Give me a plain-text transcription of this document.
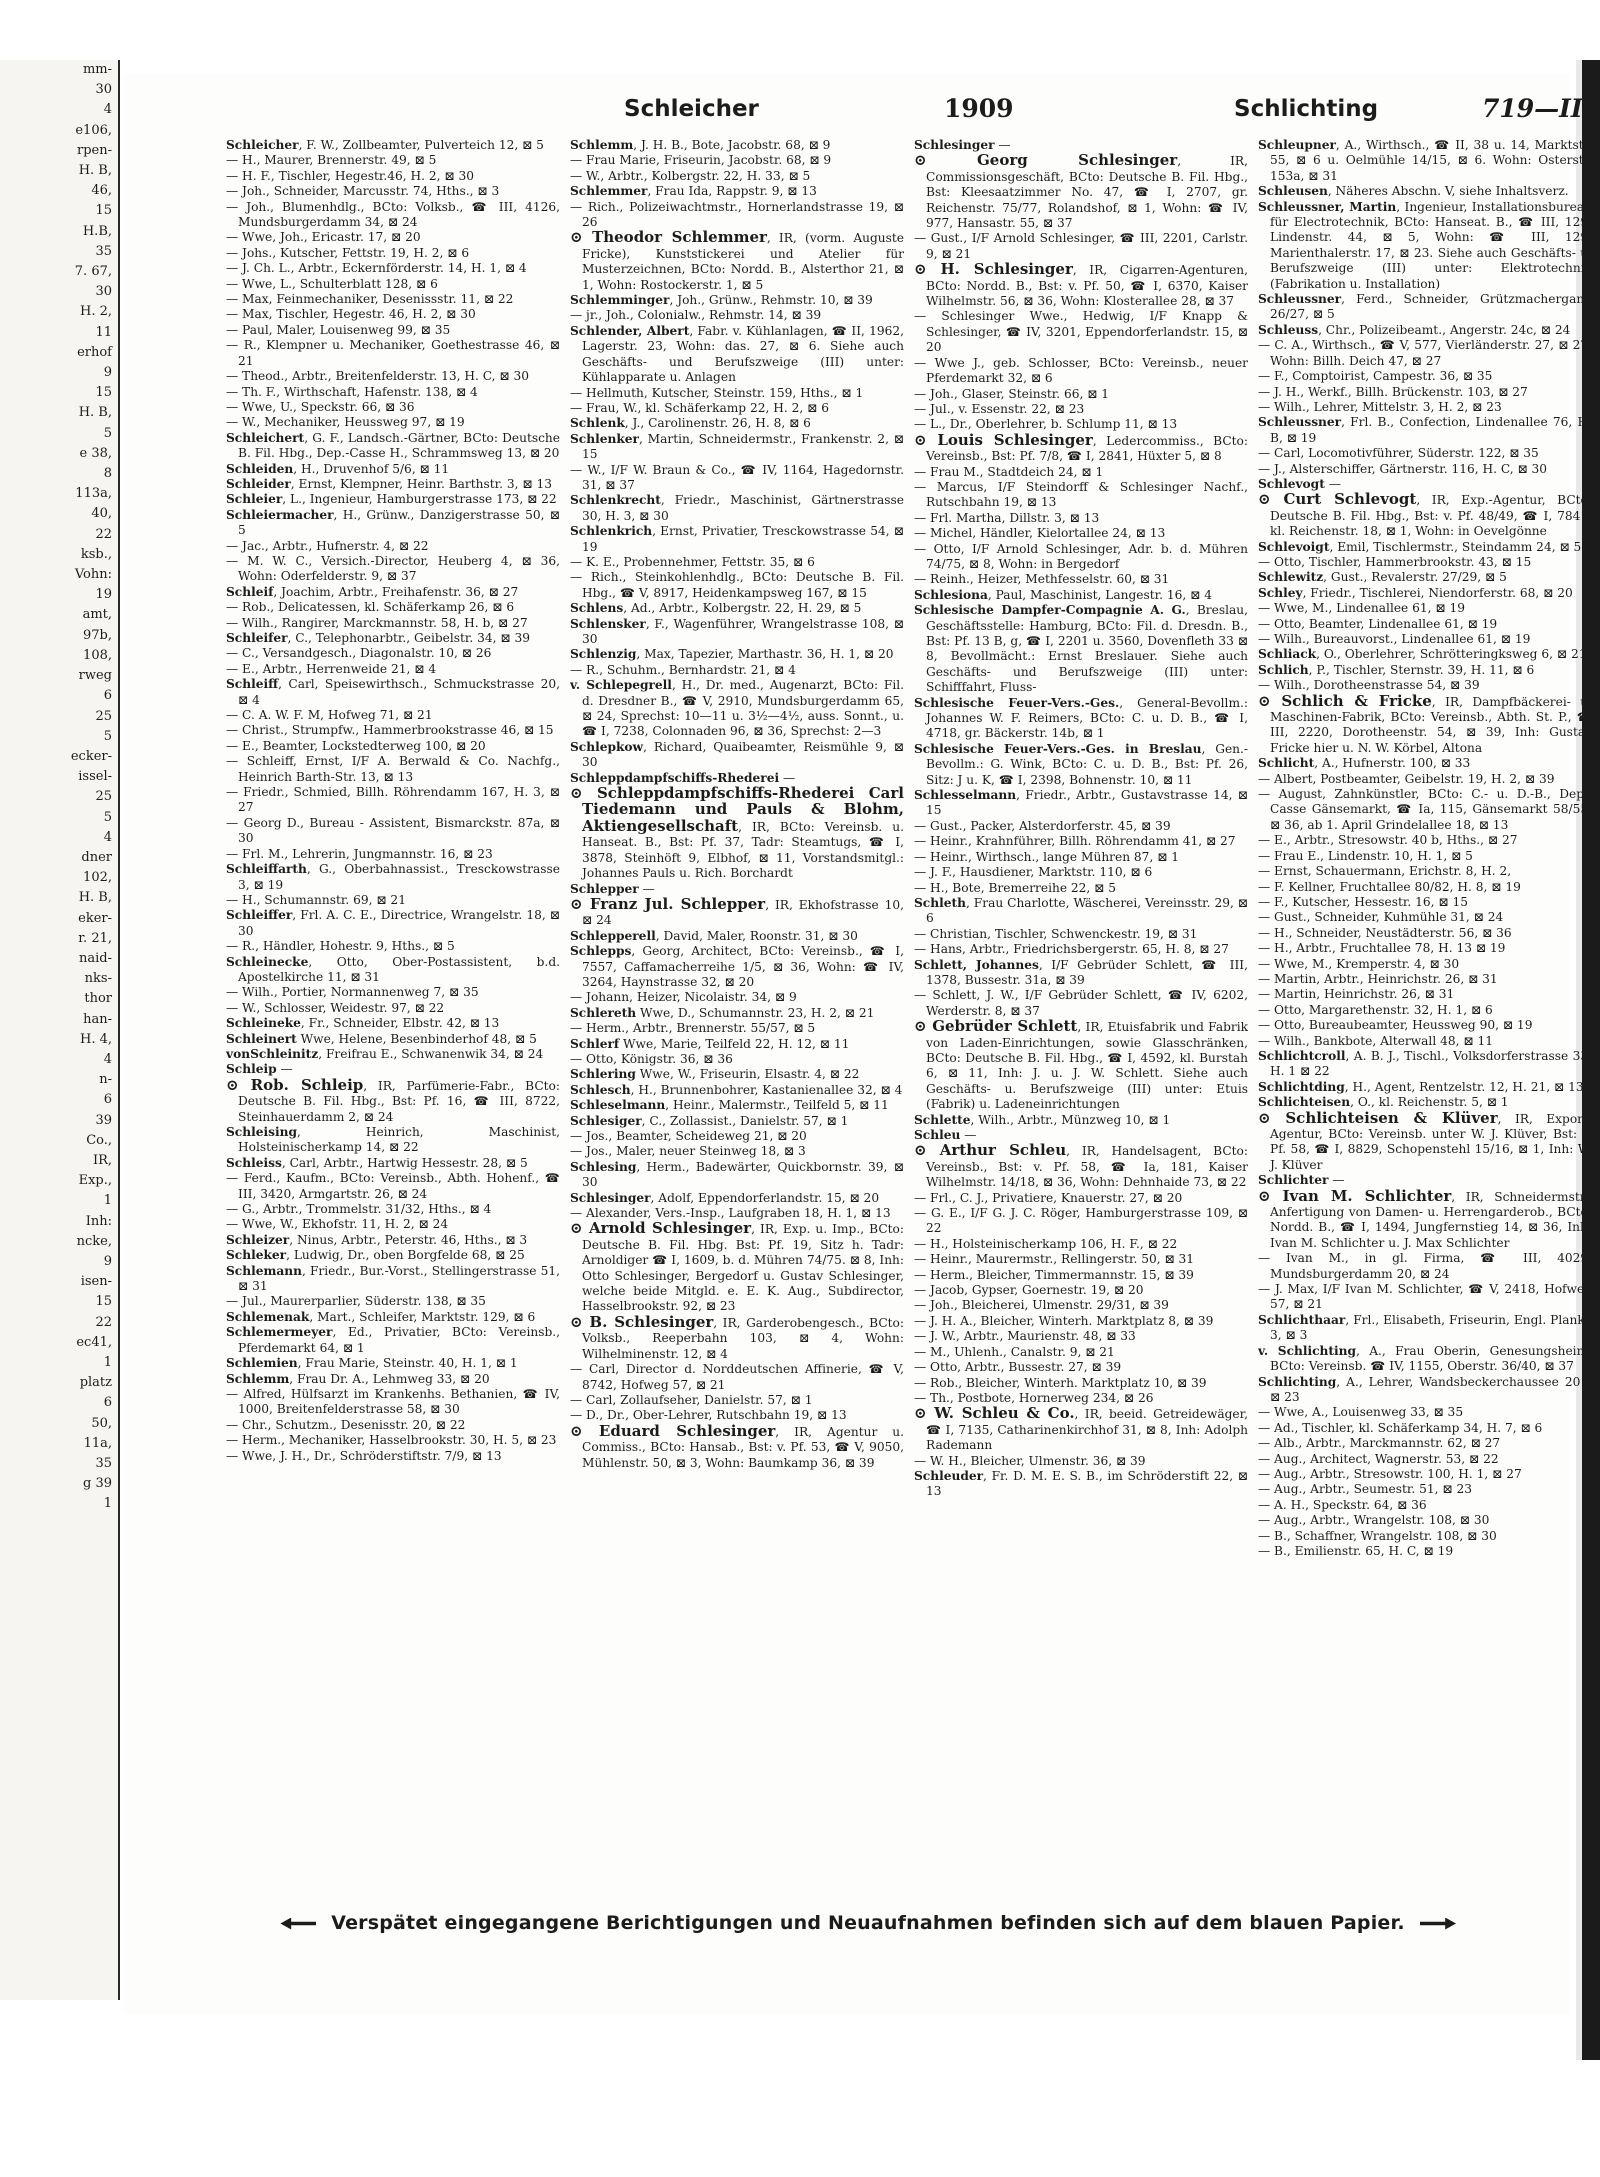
mm-
30
4
e106,
rpen-
H. B,
46,
15
H.B,
35
7. 67,
30
H. 2,
11
erhof
9
15
H. B,
5
e 38,
8
113a,
40,
22
ksb.,
Vohn:
19
amt,
97b,
108,
rweg
6
25
5
ecker-
issel-
25
5
4
dner
102,
H. B,
eker-
r. 21,
naid-
nks-
thor
han-
H. 4,
4
n-
6
39
Co.,
IR,
Exp.,
1
Inh:
ncke,
9
isen-
15
22
ec41,
1
platz
6
50,
11a,
35
g 39
1
Schleicher	1909	Schlichting	719—II
Schleicher, F. W., Zollbeamter, Pulverteich 12, ⊠ 5
— H., Maurer, Brennerstr. 49, ⊠ 5
— H. F., Tischler, Hegestr.46, H. 2, ⊠ 30
— Joh., Schneider, Marcusstr. 74, Hths., ⊠ 3
— Joh., Blumenhdlg., BCto: Volksb., ☎ III, 4126, Mundsburgerdamm 34, ⊠ 24
— Wwe, Joh., Ericastr. 17, ⊠ 20
— Johs., Kutscher, Fettstr. 19, H. 2, ⊠ 6
— J. Ch. L., Arbtr., Eckernförderstr. 14, H. 1, ⊠ 4
— Wwe, L., Schulterblatt 128, ⊠ 6
— Max, Feinmechaniker, Desenissstr. 11, ⊠ 22
— Max, Tischler, Hegestr. 46, H. 2, ⊠ 30
— Paul, Maler, Louisenweg 99, ⊠ 35
— R., Klempner u. Mechaniker, Goethestrasse 46, ⊠ 21
— Theod., Arbtr., Breitenfelderstr. 13, H. C, ⊠ 30
— Th. F., Wirthschaft, Hafenstr. 138, ⊠ 4
— Wwe, U., Speckstr. 66, ⊠ 36
— W., Mechaniker, Heussweg 97, ⊠ 19
Schleichert, G. F., Landsch.-Gärtner, BCto: Deutsche B. Fil. Hbg., Dep.-Casse H., Schrammsweg 13, ⊠ 20
Schleiden, H., Druvenhof 5/6, ⊠ 11
Schleider, Ernst, Klempner, Heinr. Barthstr. 3, ⊠ 13
Schleier, L., Ingenieur, Hamburgerstrasse 173, ⊠ 22
Schleiermacher, H., Grünw., Danzigerstrasse 50, ⊠ 5
— Jac., Arbtr., Hufnerstr. 4, ⊠ 22
— M. W. C., Versich.-Director, Heuberg 4, ⊠ 36, Wohn: Oderfelderstr. 9, ⊠ 37
Schleif, Joachim, Arbtr., Freihafenstr. 36, ⊠ 27
— Rob., Delicatessen, kl. Schäferkamp 26, ⊠ 6
— Wilh., Rangirer, Marckmannstr. 58, H. b, ⊠ 27
Schleifer, C., Telephonarbtr., Geibelstr. 34, ⊠ 39
— C., Versandgesch., Diagonalstr. 10, ⊠ 26
— E., Arbtr., Herrenweide 21, ⊠ 4
Schleiff, Carl, Speisewirthsch., Schmuckstrasse 20, ⊠ 4
— C. A. W. F. M, Hofweg 71, ⊠ 21
— Christ., Strumpfw., Hammerbrookstrasse 46, ⊠ 15
— E., Beamter, Lockstedterweg 100, ⊠ 20
— Schleiff, Ernst, I/F A. Berwald & Co. Nachfg., Heinrich Barth-Str. 13, ⊠ 13
— Friedr., Schmied, Billh. Röhrendamm 167, H. 3, ⊠ 27
— Georg D., Bureau - Assistent, Bismarckstr. 87a, ⊠ 30
— Frl. M., Lehrerin, Jungmannstr. 16, ⊠ 23
Schleiffarth, G., Oberbahnassist., Tresckowstrasse 3, ⊠ 19
— H., Schumannstr. 69, ⊠ 21
Schleiffer, Frl. A. C. E., Directrice, Wrangelstr. 18, ⊠ 30
— R., Händler, Hohestr. 9, Hths., ⊠ 5
Schleinecke, Otto, Ober-Postassistent, b.d. Apostelkirche 11, ⊠ 31
— Wilh., Portier, Normannenweg 7, ⊠ 35
— W., Schlosser, Weidestr. 97, ⊠ 22
Schleineke, Fr., Schneider, Elbstr. 42, ⊠ 13
Schleinert Wwe, Helene, Besenbinderhof 48, ⊠ 5
vonSchleinitz, Freifrau E., Schwanenwik 34, ⊠ 24
Schleip —
⊙ Rob. Schleip, IR, Parfümerie-Fabr., BCto: Deutsche B. Fil. Hbg., Bst: Pf. 16, ☎ III, 8722, Steinhauerdamm 2, ⊠ 24
Schleising, Heinrich, Maschinist, Holsteinischerkamp 14, ⊠ 22
Schleiss, Carl, Arbtr., Hartwig Hessestr. 28, ⊠ 5
— Ferd., Kaufm., BCto: Vereinsb., Abth. Hohenf., ☎ III, 3420, Armgartstr. 26, ⊠ 24
— G., Arbtr., Trommelstr. 31/32, Hths., ⊠ 4
— Wwe, W., Ekhofstr. 11, H. 2, ⊠ 24
Schleizer, Ninus, Arbtr., Peterstr. 46, Hths., ⊠ 3
Schleker, Ludwig, Dr., oben Borgfelde 68, ⊠ 25
Schlemann, Friedr., Bur.-Vorst., Stellingerstrasse 51, ⊠ 31
— Jul., Maurerparlier, Süderstr. 138, ⊠ 35
Schlemenak, Mart., Schleifer, Marktstr. 129, ⊠ 6
Schlemermeyer, Ed., Privatier, BCto: Vereinsb., Pferdemarkt 64, ⊠ 1
Schlemien, Frau Marie, Steinstr. 40, H. 1, ⊠ 1
Schlemm, Frau Dr. A., Lehmweg 33, ⊠ 20
— Alfred, Hülfsarzt im Krankenhs. Bethanien, ☎ IV, 1000, Breitenfelderstrasse 58, ⊠ 30
— Chr., Schutzm., Desenisstr. 20, ⊠ 22
— Herm., Mechaniker, Hasselbrookstr. 30, H. 5, ⊠ 23
— Wwe, J. H., Dr., Schröderstiftstr. 7/9, ⊠ 13
Schlemm, J. H. B., Bote, Jacobstr. 68, ⊠ 9
— Frau Marie, Friseurin, Jacobstr. 68, ⊠ 9
— W., Arbtr., Kolbergstr. 22, H. 33, ⊠ 5
Schlemmer, Frau Ida, Rappstr. 9, ⊠ 13
— Rich., Polizeiwachtmstr., Hornerlandstrasse 19, ⊠ 26
⊙ Theodor Schlemmer, IR, (vorm. Auguste Fricke), Kunststickerei und Atelier für Musterzeichnen, BCto: Nordd. B., Alsterthor 21, ⊠ 1, Wohn: Rostockerstr. 1, ⊠ 5
Schlemminger, Joh., Grünw., Rehmstr. 10, ⊠ 39
— jr., Joh., Colonialw., Rehmstr. 14, ⊠ 39
Schlender, Albert, Fabr. v. Kühlanlagen, ☎ II, 1962, Lagerstr. 23, Wohn: das. 27, ⊠ 6. Siehe auch Geschäfts- und Berufszweige (III) unter: Kühlapparate u. Anlagen
— Hellmuth, Kutscher, Steinstr. 159, Hths., ⊠ 1
— Frau, W., kl. Schäferkamp 22, H. 2, ⊠ 6
Schlenk, J., Carolinenstr. 26, H. 8, ⊠ 6
Schlenker, Martin, Schneidermstr., Frankenstr. 2, ⊠ 15
— W., I/F W. Braun & Co., ☎ IV, 1164, Hagedornstr. 31, ⊠ 37
Schlenkrecht, Friedr., Maschinist, Gärtnerstrasse 30, H. 3, ⊠ 30
Schlenkrich, Ernst, Privatier, Tresckowstrasse 54, ⊠ 19
— K. E., Probennehmer, Fettstr. 35, ⊠ 6
— Rich., Steinkohlenhdlg., BCto: Deutsche B. Fil. Hbg., ☎ V, 8917, Heidenkampsweg 167, ⊠ 15
Schlens, Ad., Arbtr., Kolbergstr. 22, H. 29, ⊠ 5
Schlensker, F., Wagenführer, Wrangelstrasse 108, ⊠ 30
Schlenzig, Max, Tapezier, Marthastr. 36, H. 1, ⊠ 20
— R., Schuhm., Bernhardstr. 21, ⊠ 4
v. Schlepegrell, H., Dr. med., Augenarzt, BCto: Fil. d. Dresdner B., ☎ V, 2910, Mundsburgerdamm 65, ⊠ 24, Sprechst: 10—11 u. 3½—4½, auss. Sonnt., u. ☎ I, 7238, Colonnaden 96, ⊠ 36, Sprechst: 2—3
Schlepkow, Richard, Quaibeamter, Reismühle 9, ⊠ 30
Schleppdampfschiffs-Rhederei —
⊙ Schleppdampfschiffs-Rhederei Carl Tiedemann und Pauls & Blohm, Aktiengesellschaft, IR, BCto: Vereinsb. u. Hanseat. B., Bst: Pf. 37, Tadr: Steamtugs, ☎ I, 3878, Steinhöft 9, Elbhof, ⊠ 11, Vorstandsmitgl.: Johannes Pauls u. Rich. Borchardt
Schlepper —
⊙ Franz Jul. Schlepper, IR, Ekhofstrasse 10, ⊠ 24
Schlepperell, David, Maler, Roonstr. 31, ⊠ 30
Schlepps, Georg, Architect, BCto: Vereinsb., ☎ I, 7557, Caffamacherreihe 1/5, ⊠ 36, Wohn: ☎ IV, 3264, Haynstrasse 32, ⊠ 20
— Johann, Heizer, Nicolaistr. 34, ⊠ 9
Schlereth Wwe, D., Schumannstr. 23, H. 2, ⊠ 21
— Herm., Arbtr., Brennerstr. 55/57, ⊠ 5
Schlerf Wwe, Marie, Teilfeld 22, H. 12, ⊠ 11
— Otto, Königstr. 36, ⊠ 36
Schlering Wwe, W., Friseurin, Elsastr. 4, ⊠ 22
Schlesch, H., Brunnenbohrer, Kastanienallee 32, ⊠ 4
Schleselmann, Heinr., Malermstr., Teilfeld 5, ⊠ 11
Schlesiger, C., Zollassist., Danielstr. 57, ⊠ 1
— Jos., Beamter, Scheideweg 21, ⊠ 20
— Jos., Maler, neuer Steinweg 18, ⊠ 3
Schlesing, Herm., Badewärter, Quickbornstr. 39, ⊠ 30
Schlesinger, Adolf, Eppendorferlandstr. 15, ⊠ 20
— Alexander, Vers.-Insp., Laufgraben 18, H. 1, ⊠ 13
⊙ Arnold Schlesinger, IR, Exp. u. Imp., BCto: Deutsche B. Fil. Hbg. Bst: Pf. 19, Sitz h. Tadr: Arnoldiger ☎ I, 1609, b. d. Mühren 74/75. ⊠ 8, Inh: Otto Schlesinger, Bergedorf u. Gustav Schlesinger, welche beide Mitgld. e. E. K. Aug., Subdirector, Hasselbrookstr. 92, ⊠ 23
⊙ B. Schlesinger, IR, Garderobengesch., BCto: Volksb., Reeperbahn 103, ⊠ 4, Wohn: Wilhelminenstr. 12, ⊠ 4
— Carl, Director d. Norddeutschen Affinerie, ☎ V, 8742, Hofweg 57, ⊠ 21
— Carl, Zollaufseher, Danielstr. 57, ⊠ 1
— D., Dr., Ober-Lehrer, Rutschbahn 19, ⊠ 13
⊙ Eduard Schlesinger, IR, Agentur u. Commiss., BCto: Hansab., Bst: v. Pf. 53, ☎ V, 9050, Mühlenstr. 50, ⊠ 3, Wohn: Baumkamp 36, ⊠ 39
Schlesinger —
⊙ Georg Schlesinger, IR, Commissionsgeschäft, BCto: Deutsche B. Fil. Hbg., Bst: Kleesaatzimmer No. 47, ☎ I, 2707, gr. Reichenstr. 75/77, Rolandshof, ⊠ 1, Wohn: ☎ IV, 977, Hansastr. 55, ⊠ 37
— Gust., I/F Arnold Schlesinger, ☎ III, 2201, Carlstr. 9, ⊠ 21
⊙ H. Schlesinger, IR, Cigarren-Agenturen, BCto: Nordd. B., Bst: v. Pf. 50, ☎ I, 6370, Kaiser Wilhelmstr. 56, ⊠ 36, Wohn: Klosterallee 28, ⊠ 37
— Schlesinger Wwe., Hedwig, I/F Knapp & Schlesinger, ☎ IV, 3201, Eppendorferlandstr. 15, ⊠ 20
— Wwe J., geb. Schlosser, BCto: Vereinsb., neuer Pferdemarkt 32, ⊠ 6
— Joh., Glaser, Steinstr. 66, ⊠ 1
— Jul., v. Essenstr. 22, ⊠ 23
— L., Dr., Oberlehrer, b. Schlump 11, ⊠ 13
⊙ Louis Schlesinger, Ledercommiss., BCto: Vereinsb., Bst: Pf. 7/8, ☎ I, 2841, Hüxter 5, ⊠ 8
— Frau M., Stadtdeich 24, ⊠ 1
— Marcus, I/F Steindorff & Schlesinger Nachf., Rutschbahn 19, ⊠ 13
— Frl. Martha, Dillstr. 3, ⊠ 13
— Michel, Händler, Kielortallee 24, ⊠ 13
— Otto, I/F Arnold Schlesinger, Adr. b. d. Mühren 74/75, ⊠ 8, Wohn: in Bergedorf
— Reinh., Heizer, Methfesselstr. 60, ⊠ 31
Schlesiona, Paul, Maschinist, Langestr. 16, ⊠ 4
Schlesische Dampfer-Compagnie A. G., Breslau, Geschäftsstelle: Hamburg, BCto: Fil. d. Dresdn. B., Bst: Pf. 13 B, g, ☎ I, 2201 u. 3560, Dovenfleth 33 ⊠ 8, Bevollmächt.: Ernst Breslauer. Siehe auch Geschäfts- und Berufszweige (III) unter: Schifffahrt, Fluss-
Schlesische Feuer-Vers.-Ges., General-Bevollm.: Johannes W. F. Reimers, BCto: C. u. D. B., ☎ I, 4718, gr. Bäckerstr. 14b, ⊠ 1
Schlesische Feuer-Vers.-Ges. in Breslau, Gen.-Bevollm.: G. Wink, BCto: C. u. D. B., Bst: Pf. 26, Sitz: J u. K, ☎ I, 2398, Bohnenstr. 10, ⊠ 11
Schlesselmann, Friedr., Arbtr., Gustavstrasse 14, ⊠ 15
— Gust., Packer, Alsterdorferstr. 45, ⊠ 39
— Heinr., Krahnführer, Billh. Röhrendamm 41, ⊠ 27
— Heinr., Wirthsch., lange Mühren 87, ⊠ 1
— J. F., Hausdiener, Marktstr. 110, ⊠ 6
— H., Bote, Bremerreihe 22, ⊠ 5
Schleth, Frau Charlotte, Wäscherei, Vereinsstr. 29, ⊠ 6
— Christian, Tischler, Schwenckestr. 19, ⊠ 31
— Hans, Arbtr., Friedrichsbergerstr. 65, H. 8, ⊠ 27
Schlett, Johannes, I/F Gebrüder Schlett, ☎ III, 1378, Bussestr. 31a, ⊠ 39
— Schlett, J. W., I/F Gebrüder Schlett, ☎ IV, 6202, Werderstr. 8, ⊠ 37
⊙ Gebrüder Schlett, IR, Etuisfabrik und Fabrik von Laden-Einrichtungen, sowie Glasschränken, BCto: Deutsche B. Fil. Hbg., ☎ I, 4592, kl. Burstah 6, ⊠ 11, Inh: J. u. J. W. Schlett. Siehe auch Geschäfts- u. Berufszweige (III) unter: Etuis (Fabrik) u. Ladeneinrichtungen
Schlette, Wilh., Arbtr., Münzweg 10, ⊠ 1
Schleu —
⊙ Arthur Schleu, IR, Handelsagent, BCto: Vereinsb., Bst: v. Pf. 58, ☎ Ia, 181, Kaiser Wilhelmstr. 14/18, ⊠ 36, Wohn: Dehnhaide 73, ⊠ 22
— Frl., C. J., Privatiere, Knauerstr. 27, ⊠ 20
— G. E., I/F G. J. C. Röger, Hamburgerstrasse 109, ⊠ 22
— H., Holsteinischerkamp 106, H. F., ⊠ 22
— Heinr., Maurermstr., Rellingerstr. 50, ⊠ 31
— Herm., Bleicher, Timmermannstr. 15, ⊠ 39
— Jacob, Gypser, Goernestr. 19, ⊠ 20
— Joh., Bleicherei, Ulmenstr. 29/31, ⊠ 39
— J. H. A., Bleicher, Winterh. Marktplatz 8, ⊠ 39
— J. W., Arbtr., Maurienstr. 48, ⊠ 33
— M., Uhlenh., Canalstr. 9, ⊠ 21
— Otto, Arbtr., Bussestr. 27, ⊠ 39
— Rob., Bleicher, Winterh. Marktplatz 10, ⊠ 39
— Th., Postbote, Hornerweg 234, ⊠ 26
⊙ W. Schleu & Co., IR, beeid. Getreidewäger, ☎ I, 7135, Catharinenkirchhof 31, ⊠ 8, Inh: Adolph Rademann
— W. H., Bleicher, Ulmenstr. 36, ⊠ 39
Schleuder, Fr. D. M. E. S. B., im Schröderstift 22, ⊠ 13
Schleupner, A., Wirthsch., ☎ II, 38 u. 14, Marktstr. 55, ⊠ 6 u. Oelmühle 14/15, ⊠ 6. Wohn: Osterstr. 153a, ⊠ 31
Schleusen, Näheres Abschn. V, siehe Inhaltsverz.
Schleussner, Martin, Ingenieur, Installationsbureau für Electrotechnik, BCto: Hanseat. B., ☎ III, 129, Lindenstr. 44, ⊠ 5, Wohn: ☎ III, 129, Marienthalerstr. 17, ⊠ 23. Siehe auch Geschäfts- u. Berufszweige (III) unter: Elektrotechnik (Fabrikation u. Installation)
Schleussner, Ferd., Schneider, Grützmachergang 26/27, ⊠ 5
Schleuss, Chr., Polizeibeamt., Angerstr. 24c, ⊠ 24
— C. A., Wirthsch., ☎ V, 577, Vierländerstr. 27, ⊠ 27, Wohn: Billh. Deich 47, ⊠ 27
— F., Comptoirist, Campestr. 36, ⊠ 35
— J. H., Werkf., Billh. Brückenstr. 103, ⊠ 27
— Wilh., Lehrer, Mittelstr. 3, H. 2, ⊠ 23
Schleussner, Frl. B., Confection, Lindenallee 76, H. B, ⊠ 19
— Carl, Locomotivführer, Süderstr. 122, ⊠ 35
— J., Alsterschiffer, Gärtnerstr. 116, H. C, ⊠ 30
Schlevogt —
⊙ Curt Schlevogt, IR, Exp.-Agentur, BCto: Deutsche B. Fil. Hbg., Bst: v. Pf. 48/49, ☎ I, 7841, kl. Reichenstr. 18, ⊠ 1, Wohn: in Oevelgönne
Schlevoigt, Emil, Tischlermstr., Steindamm 24, ⊠ 5
— Otto, Tischler, Hammerbrookstr. 43, ⊠ 15
Schlewitz, Gust., Revalerstr. 27/29, ⊠ 5
Schley, Friedr., Tischlerei, Niendorferstr. 68, ⊠ 20
— Wwe, M., Lindenallee 61, ⊠ 19
— Otto, Beamter, Lindenallee 61, ⊠ 19
— Wilh., Bureauvorst., Lindenallee 61, ⊠ 19
Schliack, O., Oberlehrer, Schrötteringksweg 6, ⊠ 21
Schlich, P., Tischler, Sternstr. 39, H. 11, ⊠ 6
— Wilh., Dorotheenstrasse 54, ⊠ 39
⊙ Schlich & Fricke, IR, Dampfbäckerei- u. Maschinen-Fabrik, BCto: Vereinsb., Abth. St. P., ☎ III, 2220, Dorotheenstr. 54, ⊠ 39, Inh: Gustav Fricke hier u. N. W. Körbel, Altona
Schlicht, A., Hufnerstr. 100, ⊠ 33
— Albert, Postbeamter, Geibelstr. 19, H. 2, ⊠ 39
— August, Zahnkünstler, BCto: C.- u. D.-B., Dep.-Casse Gänsemarkt, ☎ Ia, 115, Gänsemarkt 58/55, ⊠ 36, ab 1. April Grindelallee 18, ⊠ 13
— E., Arbtr., Stresowstr. 40 b, Hths., ⊠ 27
— Frau E., Lindenstr. 10, H. 1, ⊠ 5
— Ernst, Schauermann, Erichstr. 8, H. 2,
— F. Kellner, Fruchtallee 80/82, H. 8, ⊠ 19
— F., Kutscher, Hessestr. 16, ⊠ 15
— Gust., Schneider, Kuhmühle 31, ⊠ 24
— H., Schneider, Neustädterstr. 56, ⊠ 36
— H., Arbtr., Fruchtallee 78, H. 13 ⊠ 19
— Wwe, M., Kremperstr. 4, ⊠ 30
— Martin, Arbtr., Heinrichstr. 26, ⊠ 31
— Martin, Heinrichstr. 26, ⊠ 31
— Otto, Margarethenstr. 32, H. 1, ⊠ 6
— Otto, Bureaubeamter, Heussweg 90, ⊠ 19
— Wilh., Bankbote, Alterwall 48, ⊠ 11
Schlichtcroll, A. B. J., Tischl., Volksdorferstrasse 33, H. 1 ⊠ 22
Schlichtding, H., Agent, Rentzelstr. 12, H. 21, ⊠ 13
Schlichteisen, O., kl. Reichenstr. 5, ⊠ 1
⊙ Schlichteisen & Klüver, IR, Export-Agentur, BCto: Vereinsb. unter W. J. Klüver, Bst: v. Pf. 58, ☎ I, 8829, Schopenstehl 15/16, ⊠ 1, Inh: W. J. Klüver
Schlichter —
⊙ Ivan M. Schlichter, IR, Schneidermstr., Anfertigung von Damen- u. Herrengarderob., BCto: Nordd. B., ☎ I, 1494, Jungfernstieg 14, ⊠ 36, Inh: Ivan M. Schlichter u. J. Max Schlichter
— Ivan M., in gl. Firma, ☎ III, 4029, Mundsburgerdamm 20, ⊠ 24
— J. Max, I/F Ivan M. Schlichter, ☎ V, 2418, Hofweg 57, ⊠ 21
Schlichthaar, Frl., Elisabeth, Friseurin, Engl. Planke 3, ⊠ 3
v. Schlichting, A., Frau Oberin, Genesungsheim, BCto: Vereinsb. ☎ IV, 1155, Oberstr. 36/40, ⊠ 37
Schlichting, A., Lehrer, Wandsbeckerchaussee 201, ⊠ 23
— Wwe, A., Louisenweg 33, ⊠ 35
— Ad., Tischler, kl. Schäferkamp 34, H. 7, ⊠ 6
— Alb., Arbtr., Marckmannstr. 62, ⊠ 27
— Aug., Architect, Wagnerstr. 53, ⊠ 22
— Aug., Arbtr., Stresowstr. 100, H. 1, ⊠ 27
— Aug., Arbtr., Seumestr. 51, ⊠ 23
— A. H., Speckstr. 64, ⊠ 36
— Aug., Arbtr., Wrangelstr. 108, ⊠ 30
— B., Schaffner, Wrangelstr. 108, ⊠ 30
— B., Emilienstr. 65, H. C, ⊠ 19
Verspätet eingegangene Berichtigungen und Neuaufnahmen befinden sich auf dem blauen Papier.
